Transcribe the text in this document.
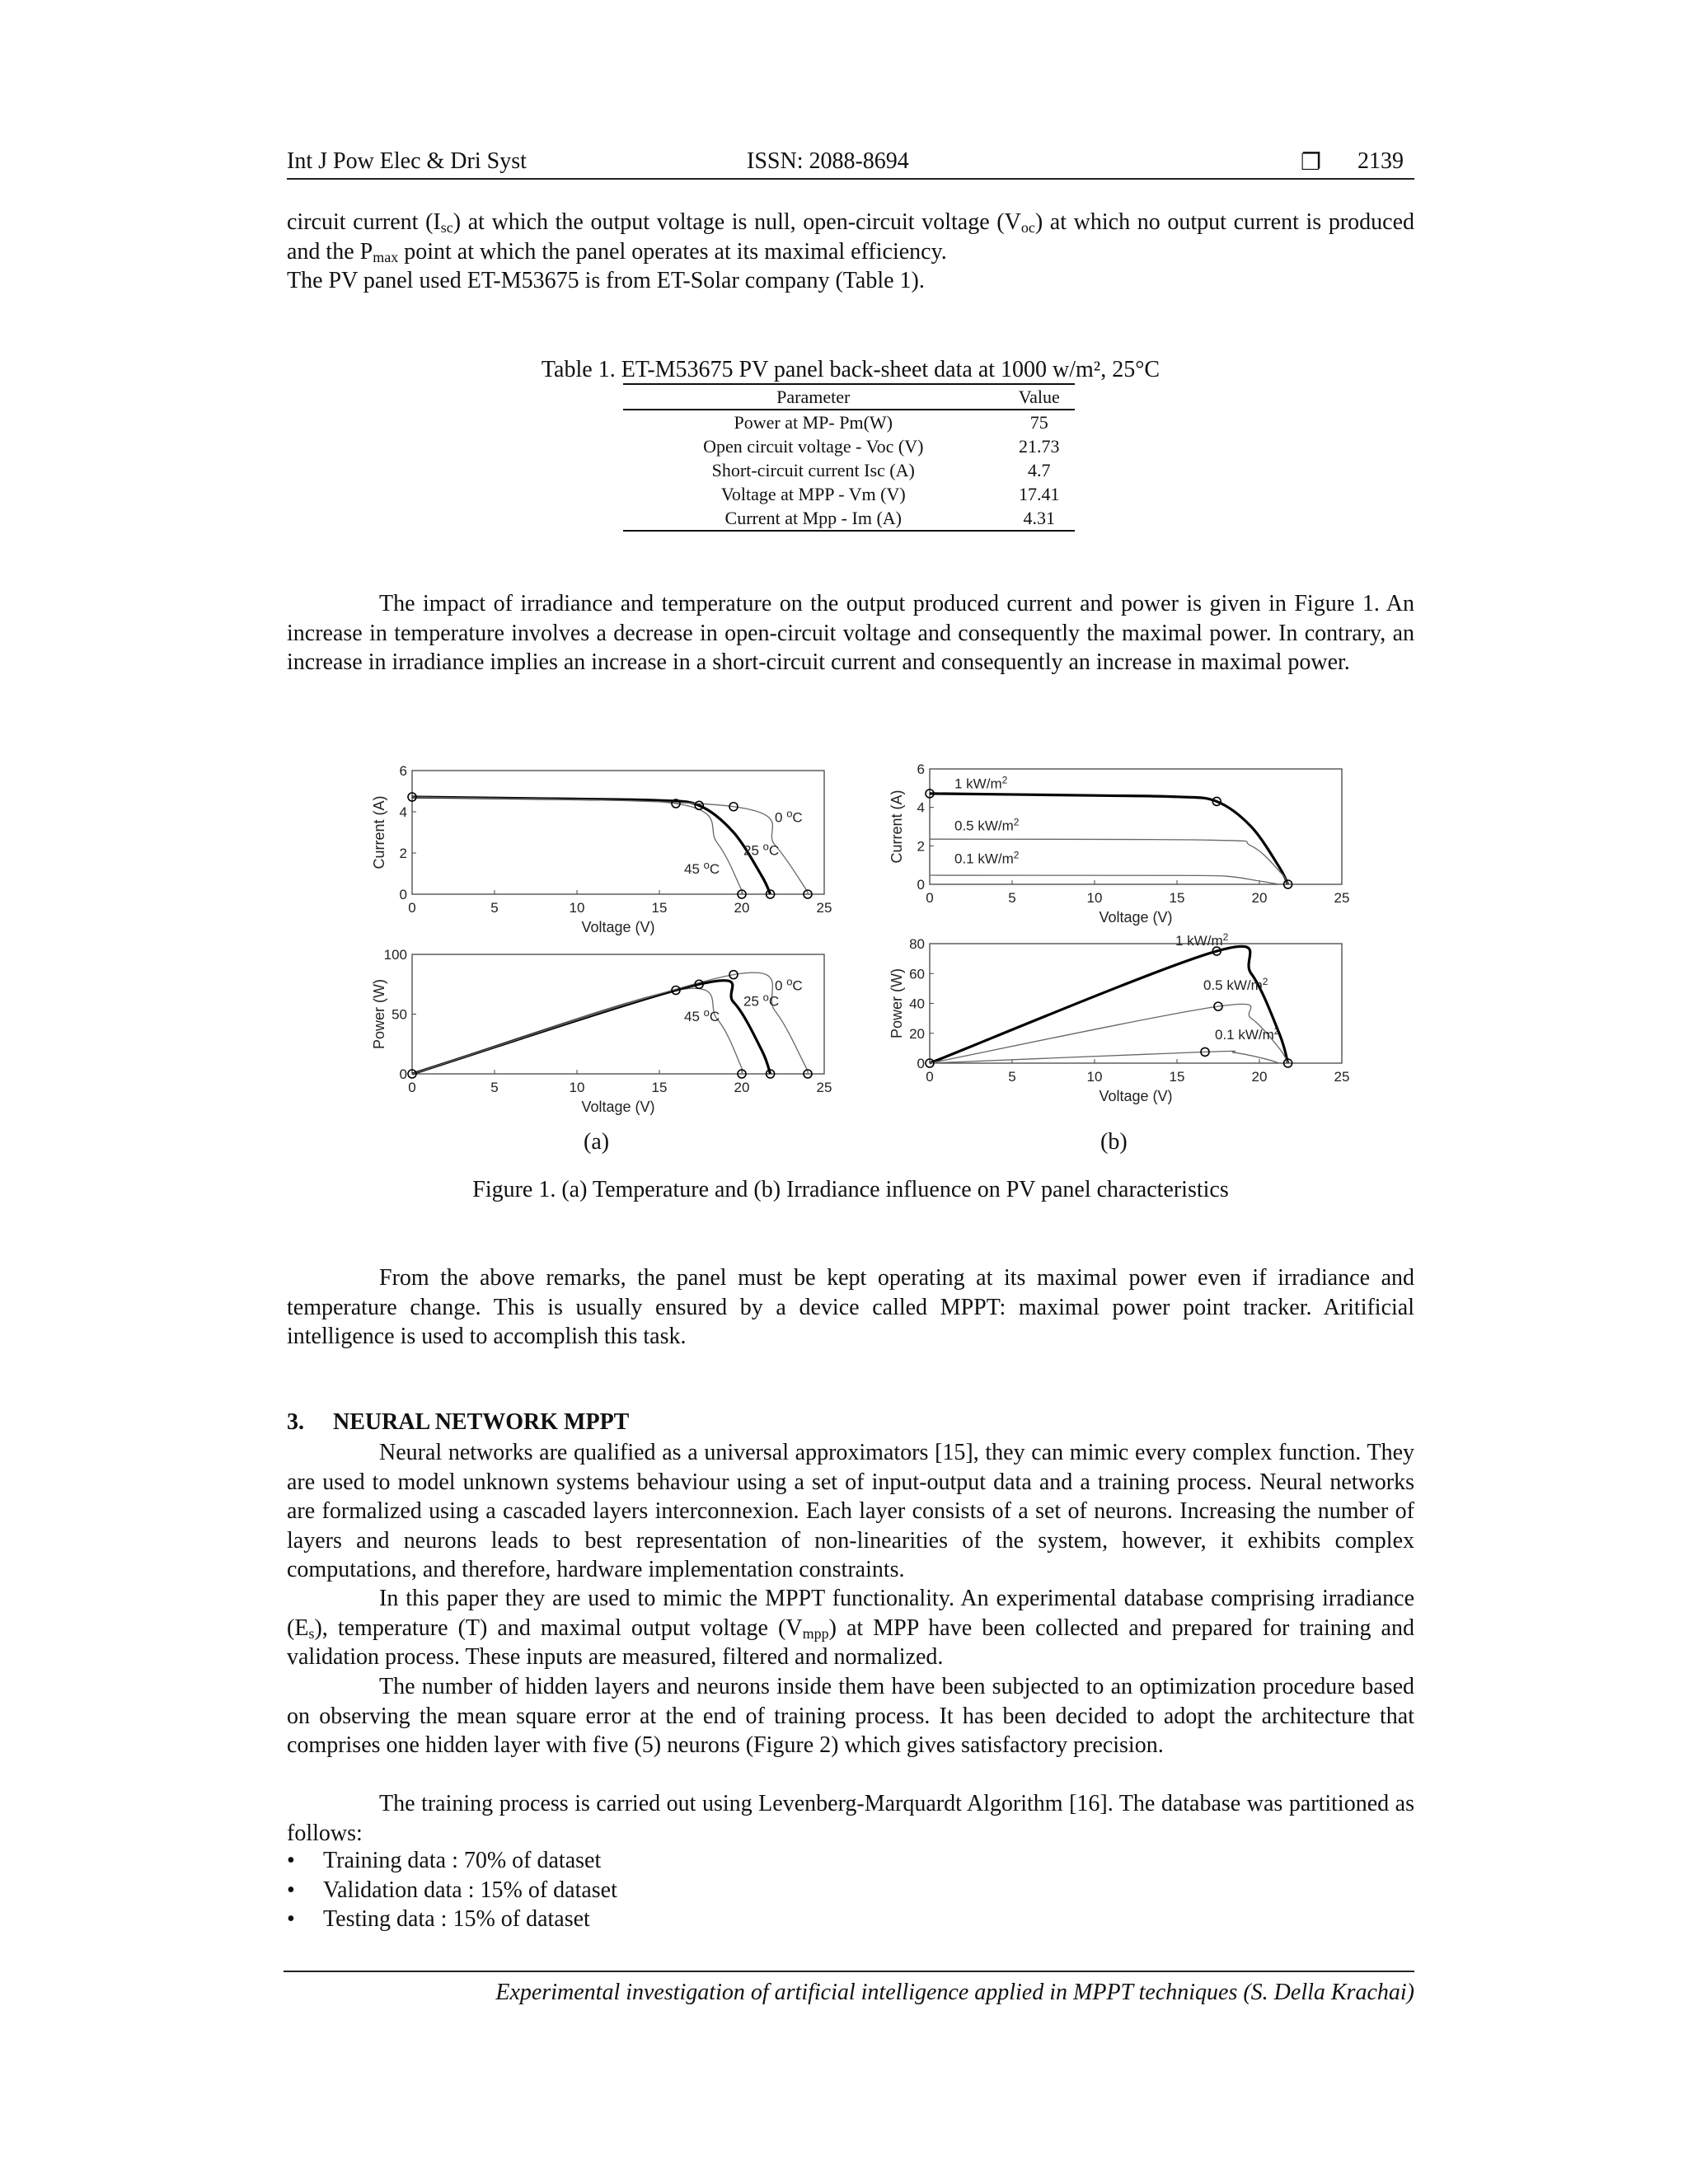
Int J Pow Elec & Dri Syst	ISSN: 2088-8694	❐ 2139
circuit current $(I_{sc})$ at which the output voltage is null, open-circuit voltage $(V_{oc})$ at which no output current is produced and the $P_{max}$ point at which the panel operates at its maximal efficiency.
The PV panel used ET-M53675 is from ET-Solar company (Table 1).
Table 1. ET-M53675 PV panel back-sheet data at 1000 w/m², 25°C
Parameter	Value
Power at MP- Pm(W)	75
Open circuit voltage - Voc (V)	21.73
Short-circuit current Isc (A)	4.7
Voltage at MPP - Vm (V)	17.41
Current at Mpp - Im (A)	4.31
The impact of irradiance and temperature on the output produced current and power is given in Figure 1. An increase in temperature involves a decrease in open-circuit voltage and consequently the maximal power. In contrary, an increase in irradiance implies an increase in a short-circuit current and consequently an increase in maximal power.
0	5	10	15	20	25
0
2
4
6
Voltage (V)
Current (A)	0 $^o$C
25 $^o$C
45 $^o$C
0	5	10	15	20	25
0
50
100
Voltage (V)
Power (W)	0 $^o$C
25 $^o$C
45 $^o$C
0	5	10	15	20	25
0
2
4
6
Voltage (V)
Current (A)
1 $kW/m^2$
0.5 $kW/m^2$
0.1 $kW/m^2$
0	5	10	15	20	25
0
20
40
60
80
Voltage (V)
Power (W)
1 $kW/m^2$
0.5 $kW/m^2$
0.1 $kW/m^2$
(a)	(b)
Figure 1. (a) Temperature and (b) Irradiance influence on PV panel characteristics
From the above remarks, the panel must be kept operating at its maximal power even if irradiance and temperature change. This is usually ensured by a device called MPPT: maximal power point tracker. Aritificial intelligence is used to accomplish this task.
3.     NEURAL NETWORK MPPT
Neural networks are qualified as a universal approximators [15], they can mimic every complex function. They are used to model unknown systems behaviour using a set of input-output data and a training process. Neural networks are formalized using a cascaded layers interconnexion. Each layer consists of a set of neurons. Increasing the number of layers and neurons leads to best representation of non-linearities of the system, however, it exhibits complex computations, and therefore, hardware implementation constraints.
In this paper they are used to mimic the MPPT functionality. An experimental database comprising irradiance $(E_s)$, temperature (T) and maximal output voltage $(V_{mpp})$ at MPP have been collected and prepared for training and validation process. These inputs are measured, filtered and normalized.
The number of hidden layers and neurons inside them have been subjected to an optimization procedure based on observing the mean square error at the end of training process. It has been decided to adopt the architecture that comprises one hidden layer with five (5) neurons (Figure 2) which gives satisfactory precision.
The training process is carried out using Levenberg-Marquardt Algorithm [16]. The database was partitioned as follows:
• Training data : 70% of dataset
• Validation data : 15% of dataset
• Testing data : 15% of dataset
Experimental investigation of artificial intelligence applied in MPPT techniques (S. Della Krachai)
